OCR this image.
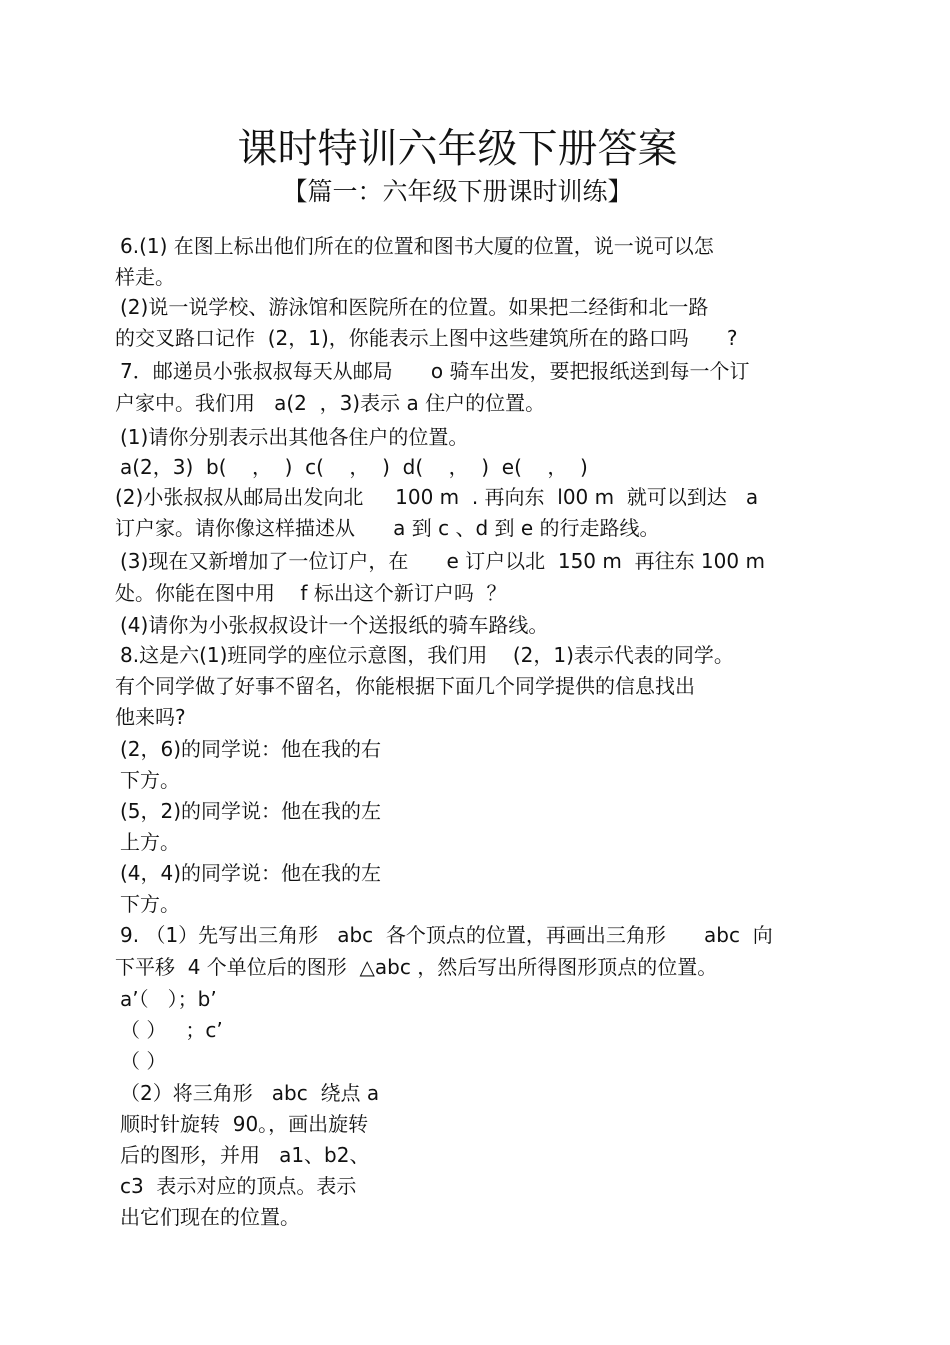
课时特训六年级下册答案
【篇一：六年级下册课时训练】
6.(1) 在图上标出他们所在的位置和图书大厦的位置，说一说可以怎
样走。
(2)说一说学校、游泳馆和医院所在的位置。如果把二经街和北一路
的交叉路口记作  (2，1)，你能表示上图中这些建筑所在的路口吗      ?
7．邮递员小张叔叔每天从邮局      o 骑车出发，要把报纸送到每一个订
户家中。我们用   a(2  ，3)表示 a 住户的位置。
(1)请你分别表示出其他各住户的位置。
a(2，3)  b(    ，  )  c(    ，  )  d(    ，  )  e(    ，  )
(2)小张叔叔从邮局出发向北     100 m  . 再向东  l00 m  就可以到达   a
订户家。请你像这样描述从      a 到 c 、d 到 e 的行走路线。
(3)现在又新增加了一位订户，在      e 订户以北  150 m  再往东 100 m
处。你能在图中用    f 标出这个新订户吗  ？
(4)请你为小张叔叔设计一个送报纸的骑车路线。
8.这是六(1)班同学的座位示意图，我们用    (2，1)表示代表的同学。
有个同学做了好事不留名，你能根据下面几个同学提供的信息找出
他来吗?
(2，6)的同学说：他在我的右
下方。
(5，2)的同学说：他在我的左
上方。
(4，4)的同学说：他在我的左
下方。
9. （1）先写出三角形   abc  各个顶点的位置，再画出三角形      abc  向
下平移  4 个单位后的图形  △abc ，然后写出所得图形顶点的位置。
a’（   ）；b’
（ ）   ；c’
（ ）
（2）将三角形   abc  绕点 a
顺时针旋转  90。，画出旋转
后的图形，并用   a1、b2、
c3  表示对应的顶点。表示
出它们现在的位置。
